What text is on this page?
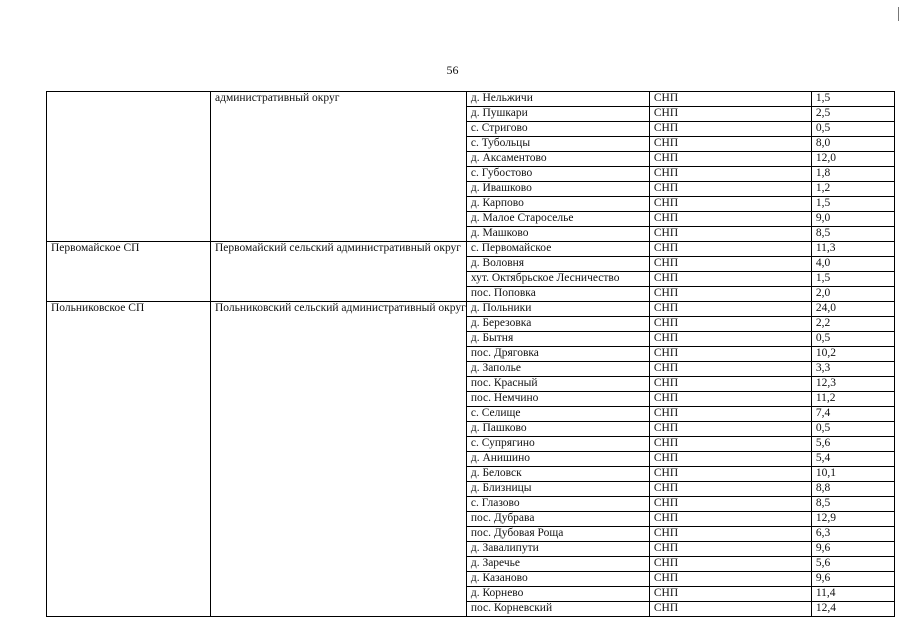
56
	административный округ	д. Нельжичи	СНП	1,5
		д. Пушкари	СНП	2,5
		с. Стригово	СНП	0,5
		с. Тубольцы	СНП	8,0
		д. Аксаментово	СНП	12,0
		с. Губостово	СНП	1,8
		д. Ивашково	СНП	1,2
		д. Карпово	СНП	1,5
		д. Малое Староселье	СНП	9,0
		д. Машково	СНП	8,5
Первомайское СП	Первомайский сельский административный округ	с. Первомайское	СНП	11,3
		д. Воловня	СНП	4,0
		хут. Октябрьское Лесничество	СНП	1,5
		пос. Поповка	СНП	2,0
Польниковское СП	Польниковский сельский административный округ	д. Польники	СНП	24,0
		д. Березовка	СНП	2,2
		д. Бытня	СНП	0,5
		пос. Дряговка	СНП	10,2
		д. Заполье	СНП	3,3
		пос. Красный	СНП	12,3
		пос. Немчино	СНП	11,2
		с. Селище	СНП	7,4
		д. Пашково	СНП	0,5
		с. Супрягино	СНП	5,6
		д. Анишино	СНП	5,4
		д. Беловск	СНП	10,1
		д. Близницы	СНП	8,8
		с. Глазово	СНП	8,5
		пос. Дубрава	СНП	12,9
		пос. Дубовая Роща	СНП	6,3
		д. Завалипути	СНП	9,6
		д. Заречье	СНП	5,6
		д. Казаново	СНП	9,6
		д. Корнево	СНП	11,4
		пос. Корневский	СНП	12,4
